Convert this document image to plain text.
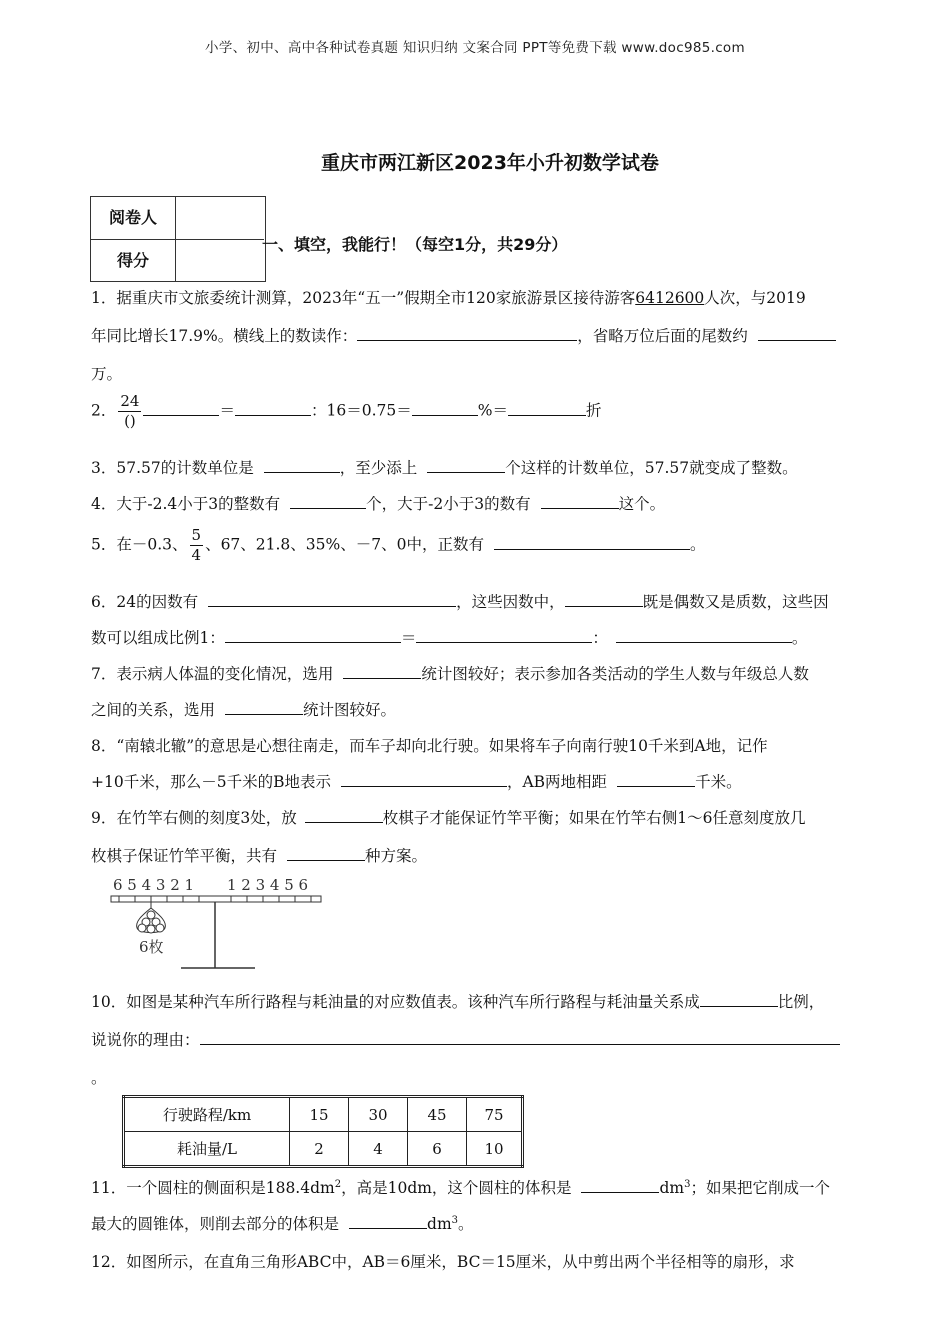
小学、初中、高中各种试卷真题 知识归纳 文案合同 PPT等免费下载 www.doc985.com
重庆市两江新区2023年小升初数学试卷
阅卷人
得分
一、填空，我能行！（每空1分，共29分）
1．据重庆市文旅委统计测算，2023年“五一”假期全市120家旅游景区接待游客6412600人次，与2019
年同比增长17.9%。横线上的数读作：	，省略万位后面的尾数约
万。
2． $\frac{24}{()}$	＝	：16＝0.75＝	%＝	折
3．57.57的计数单位是	，至少添上	个这样的计数单位，57.57就变成了整数。
4．大于-2.4小于3的整数有	个，大于-2小于3的数有	这个。
5．在－0.3、 $\frac{5}{4}$ 、67、21.8、35%、－7、0中，正数有	。
6．24的因数有	，这些因数中，	既是偶数又是质数，这些因
数可以组成比例1：	＝	：	。
7．表示病人体温的变化情况，选用	统计图较好；表示参加各类活动的学生人数与年级总人数
之间的关系，选用	统计图较好。
8．“南辕北辙”的意思是心想往南走，而车子却向北行驶。如果将车子向南行驶10千米到A地，记作
+10千米，那么－5千米的B地表示	，AB两地相距	千米。
9．在竹竿右侧的刻度3处，放	枚棋子才能保证竹竿平衡；如果在竹竿右侧1～6任意刻度放几
枚棋子保证竹竿平衡，共有	种方案。
6 5 4 3 2 1 1 2 3 4 5 6
6枚
10．如图是某种汽车所行路程与耗油量的对应数值表。该种汽车所行路程与耗油量关系成	比例，
说说你的理由：
。
行驶路程/km	15	30	45	75
耗油量/L	2	4	6	10
11．一个圆柱的侧面积是$188.4dm^2$，高是10dm，这个圆柱的体积是	$dm^3$；如果把它削成一个
最大的圆锥体，则削去部分的体积是	$dm^3$。
12．如图所示，在直角三角形ABC中，AB＝6厘米，BC＝15厘米，从中剪出两个半径相等的扇形，求
